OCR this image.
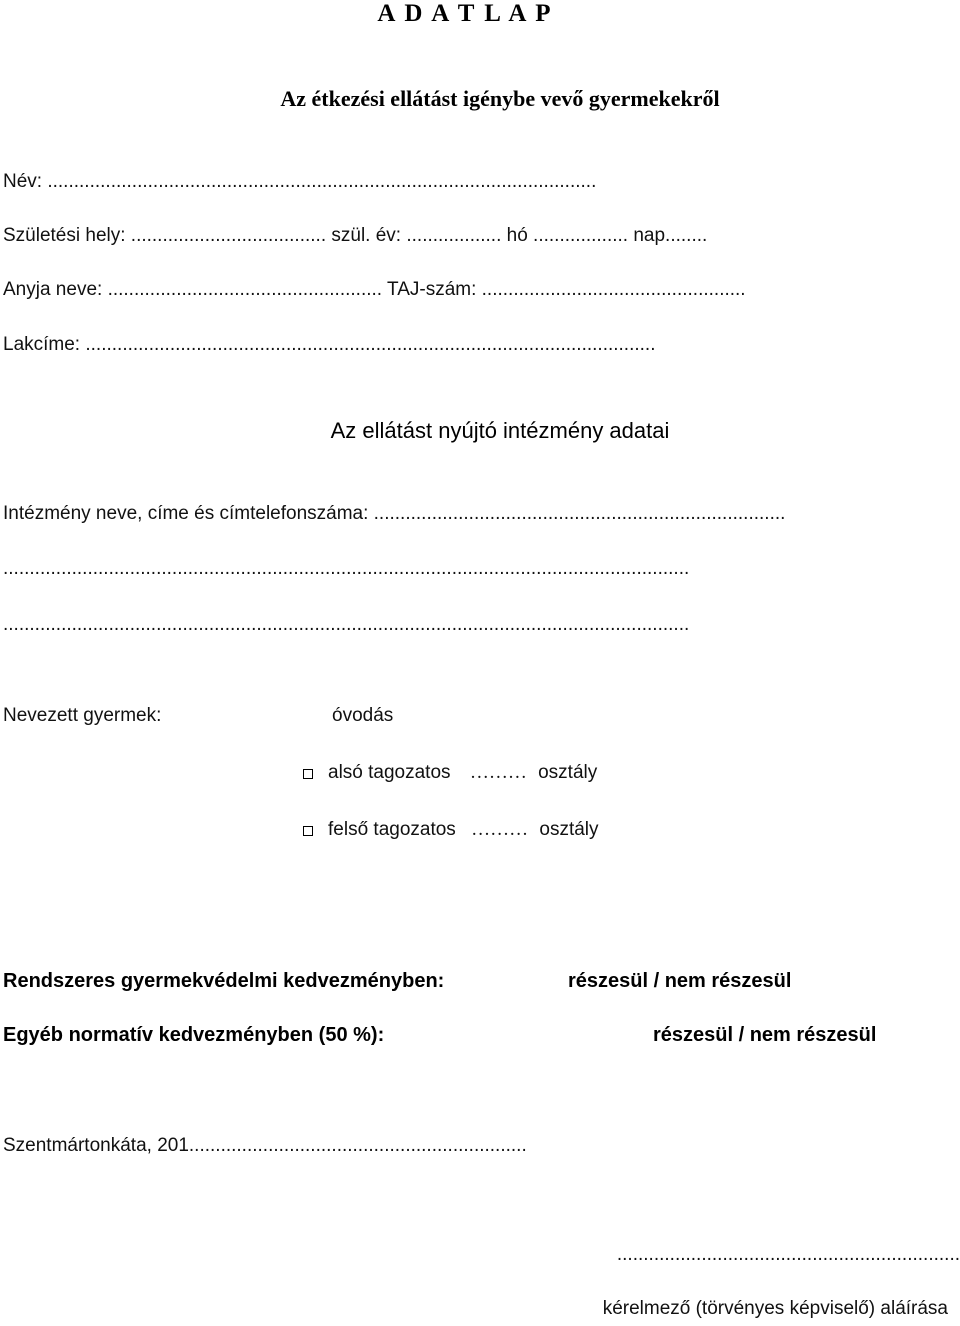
A D A T L A P
Az étkezési ellátást igénybe vevő gyermekekről
Név: ........................................................................................................
Születési hely: ..................................... szül. év: .................. hó .................. nap........
Anyja neve: .................................................... TAJ-szám: ..................................................
Lakcíme: ............................................................................................................
Az ellátást nyújtó intézmény adatai
Intézmény neve, címe és címtelefonszáma: ..............................................................................
..................................................................................................................................
..................................................................................................................................
Nevezett gyermek:	óvodás
alsó tagozatos ……… osztály
felső tagozatos ……… osztály
Rendszeres gyermekvédelmi kedvezményben:	részesül / nem részesül
Egyéb normatív kedvezményben (50 %):	részesül / nem részesül
Szentmártonkáta, 201................................................................
.................................................................
kérelmező (törvényes képviselő) aláírása
